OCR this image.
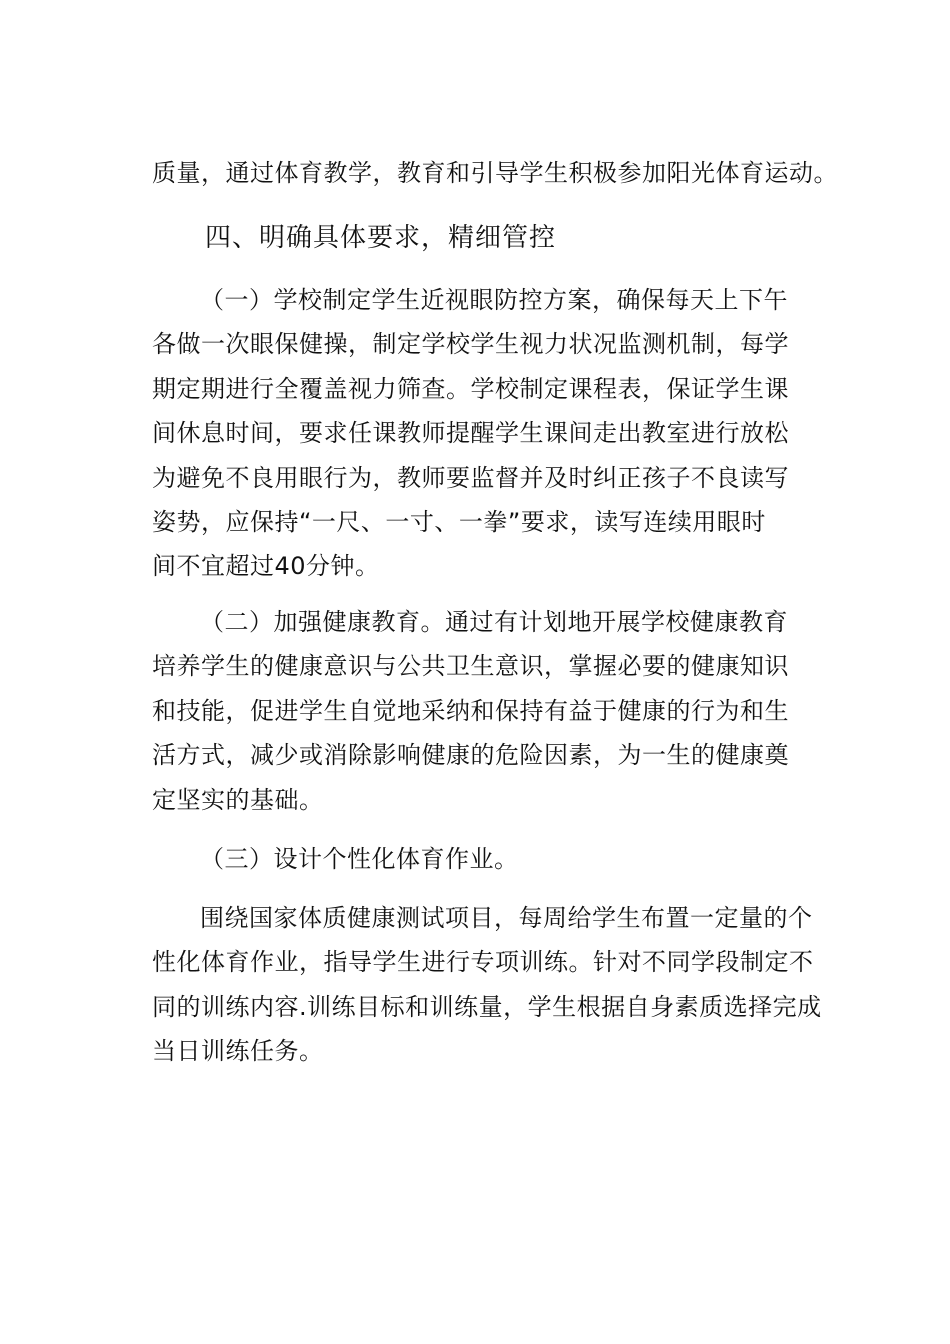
质量，通过体育教学，教育和引导学生积极参加阳光体育运动。

四、明确具体要求，精细管控

（一）学校制定学生近视眼防控方案，确保每天上下午
各做一次眼保健操，制定学校学生视力状况监测机制，每学
期定期进行全覆盖视力筛查。学校制定课程表，保证学生课
间休息时间，要求任课教师提醒学生课间走出教室进行放松
为避免不良用眼行为，教师要监督并及时纠正孩子不良读写
姿势，应保持“一尺、一寸、一拳”要求，读写连续用眼时
间不宜超过40分钟。

（二）加强健康教育。通过有计划地开展学校健康教育
培养学生的健康意识与公共卫生意识，掌握必要的健康知识
和技能，促进学生自觉地采纳和保持有益于健康的行为和生
活方式，减少或消除影响健康的危险因素，为一生的健康奠
定坚实的基础。

（三）设计个性化体育作业。

围绕国家体质健康测试项目，每周给学生布置一定量的个
性化体育作业，指导学生进行专项训练。针对不同学段制定不
同的训练内容.训练目标和训练量，学生根据自身素质选择完成
当日训练任务。
